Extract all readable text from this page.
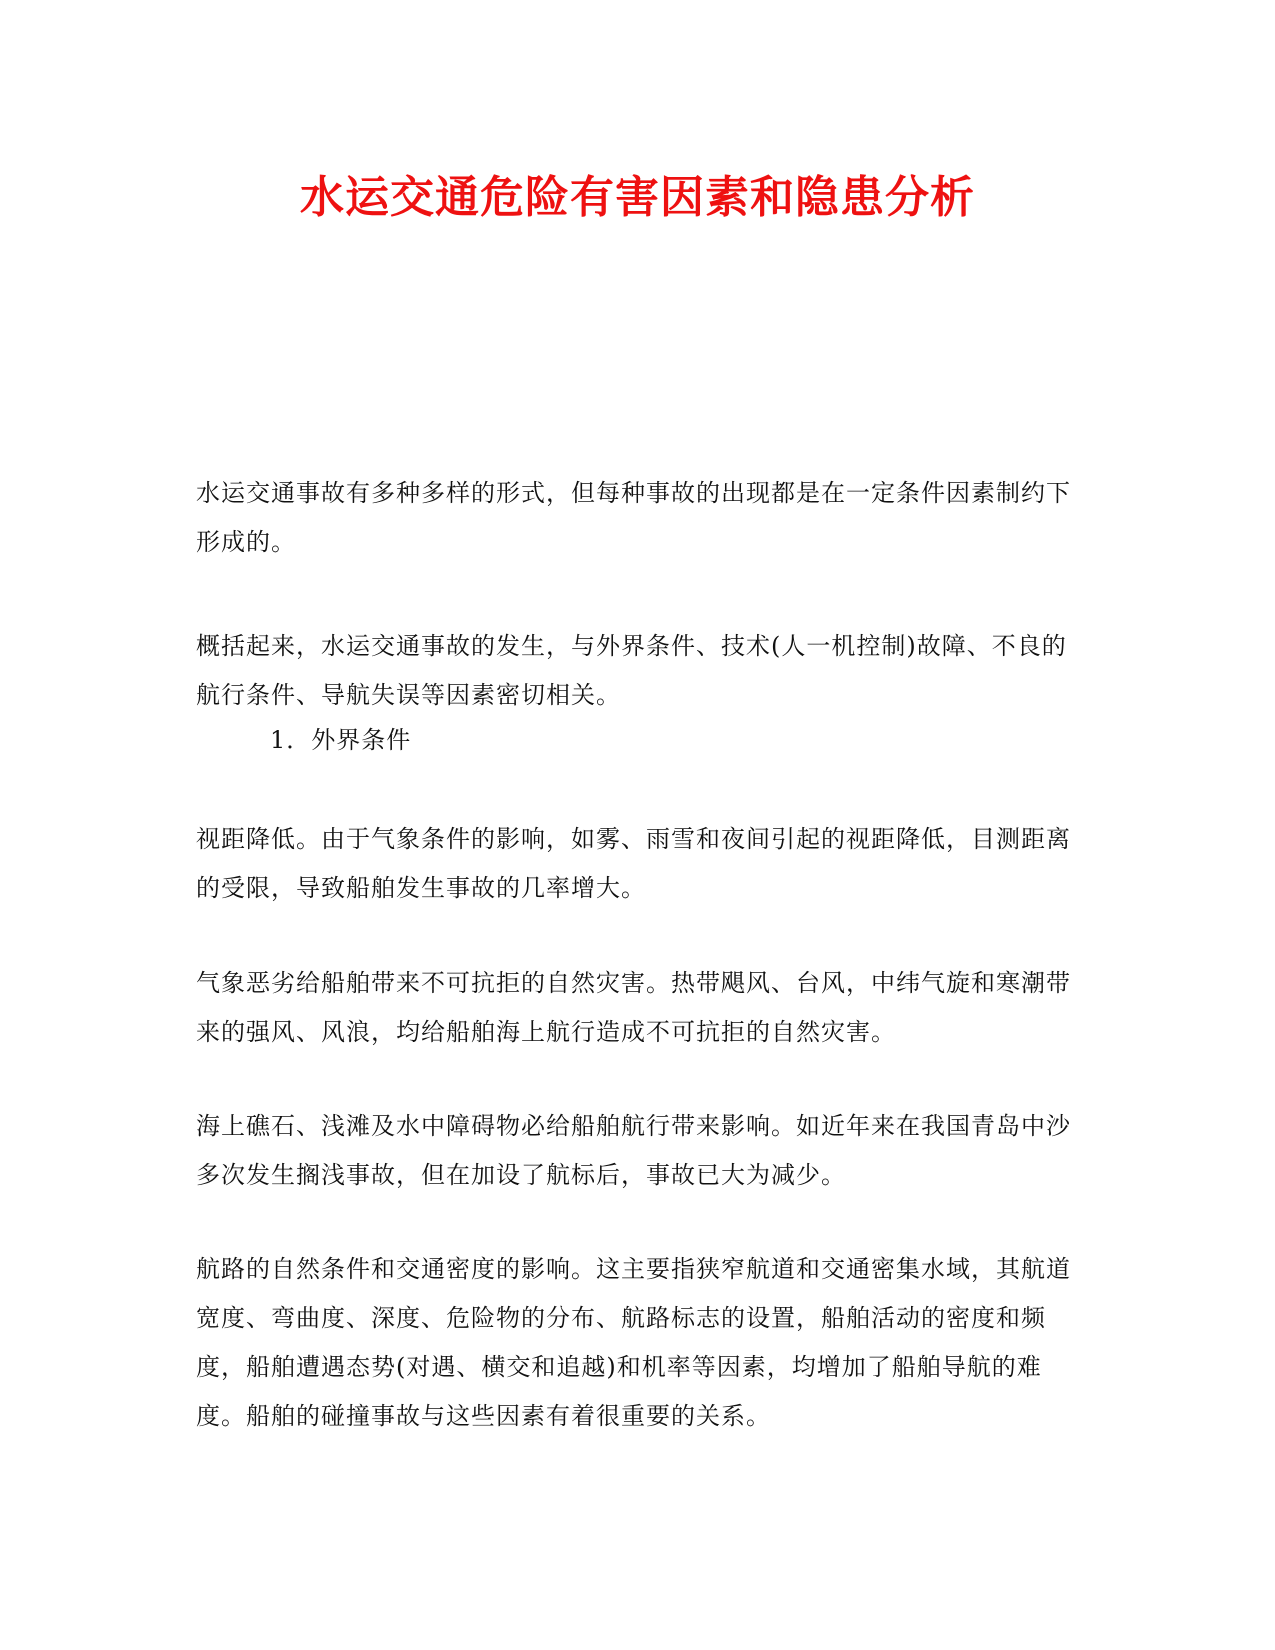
水运交通危险有害因素和隐患分析

水运交通事故有多种多样的形式，但每种事故的出现都是在一定条件因素制约下形成的。

概括起来，水运交通事故的发生，与外界条件、技术(人一机控制)故障、不良的航行条件、导航失误等因素密切相关。

1．外界条件

视距降低。由于气象条件的影响，如雾、雨雪和夜间引起的视距降低，目测距离的受限，导致船舶发生事故的几率增大。

气象恶劣给船舶带来不可抗拒的自然灾害。热带飓风、台风，中纬气旋和寒潮带来的强风、风浪，均给船舶海上航行造成不可抗拒的自然灾害。

海上礁石、浅滩及水中障碍物必给船舶航行带来影响。如近年来在我国青岛中沙多次发生搁浅事故，但在加设了航标后，事故已大为减少。

航路的自然条件和交通密度的影响。这主要指狭窄航道和交通密集水域，其航道宽度、弯曲度、深度、危险物的分布、航路标志的设置，船舶活动的密度和频度，船舶遭遇态势(对遇、横交和追越)和机率等因素，均增加了船舶导航的难度。船舶的碰撞事故与这些因素有着很重要的关系。
